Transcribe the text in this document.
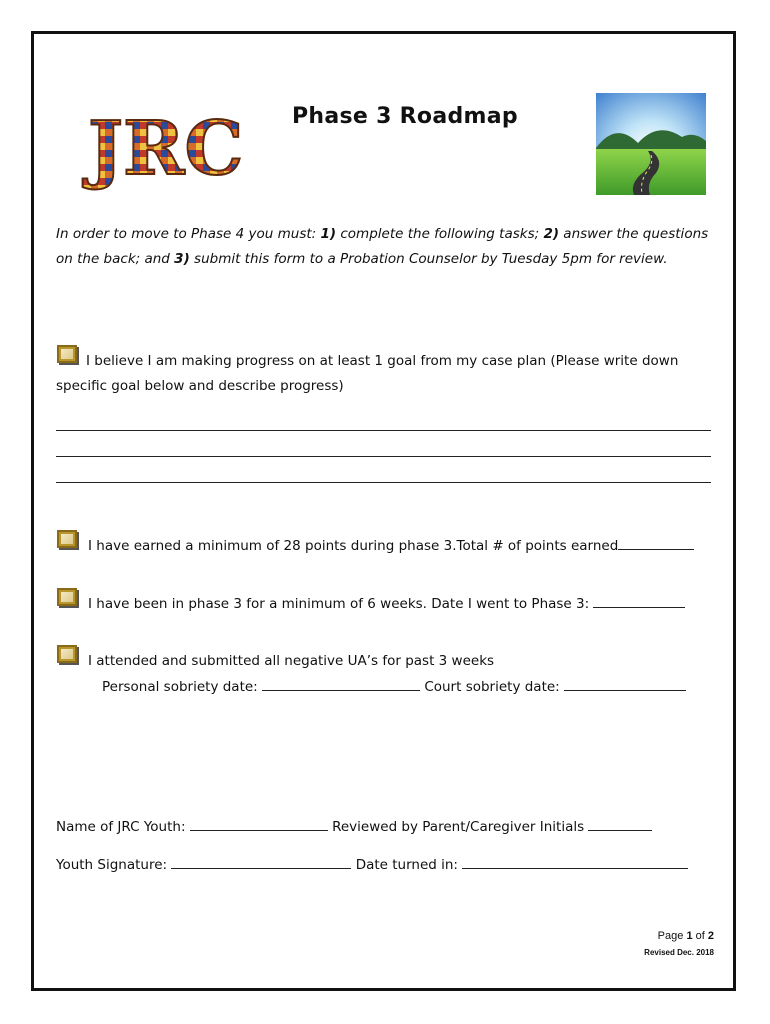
JRC Phase 3 Roadmap
In order to move to Phase 4 you must: 1) complete the following tasks; 2) answer the questions on the back; and 3) submit this form to a Probation Counselor by Tuesday 5pm for review.
I believe I am making progress on at least 1 goal from my case plan (Please write down
specific goal below and describe progress)
I have earned a minimum of 28 points during phase 3.Total # of points earned
I have been in phase 3 for a minimum of 6 weeks. Date I went to Phase 3:
I attended and submitted all negative UA’s for past 3 weeks
Personal sobriety date:	Court sobriety date:
Name of JRC Youth:	Reviewed by Parent/Caregiver Initials
Youth Signature:	Date turned in:
Page 1 of 2
Revised Dec. 2018
